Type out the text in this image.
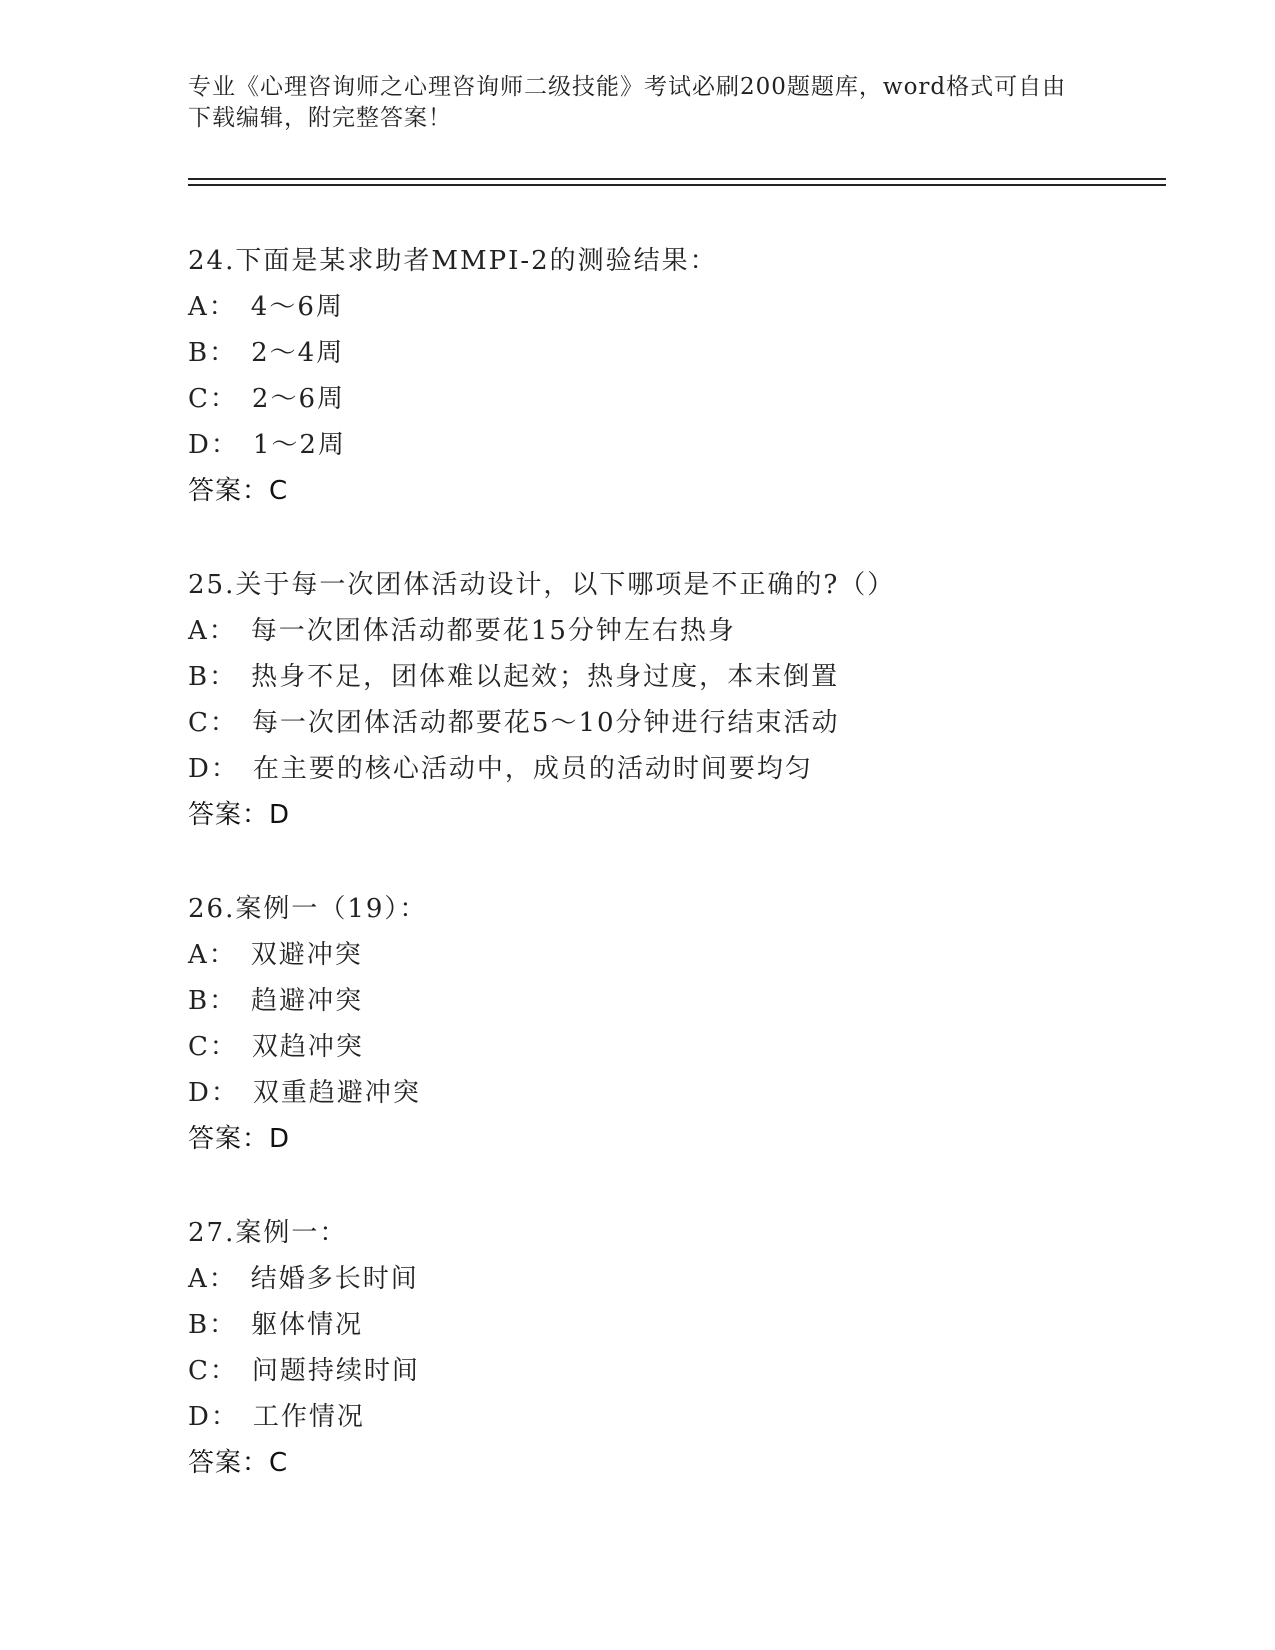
专业《心理咨询师之心理咨询师二级技能》考试必刷200题题库，word格式可自由下载编辑，附完整答案！
24.下面是某求助者MMPI-2的测验结果：
A： 4～6周
B： 2～4周
C： 2～6周
D： 1～2周
答案：C
25.关于每一次团体活动设计，以下哪项是不正确的?（）
A： 每一次团体活动都要花15分钟左右热身
B： 热身不足，团体难以起效；热身过度，本末倒置
C： 每一次团体活动都要花5～10分钟进行结束活动
D： 在主要的核心活动中，成员的活动时间要均匀
答案：D
26.案例一（19）：
A： 双避冲突
B： 趋避冲突
C： 双趋冲突
D： 双重趋避冲突
答案：D
27.案例一：
A： 结婚多长时间
B： 躯体情况
C： 问题持续时间
D： 工作情况
答案：C
